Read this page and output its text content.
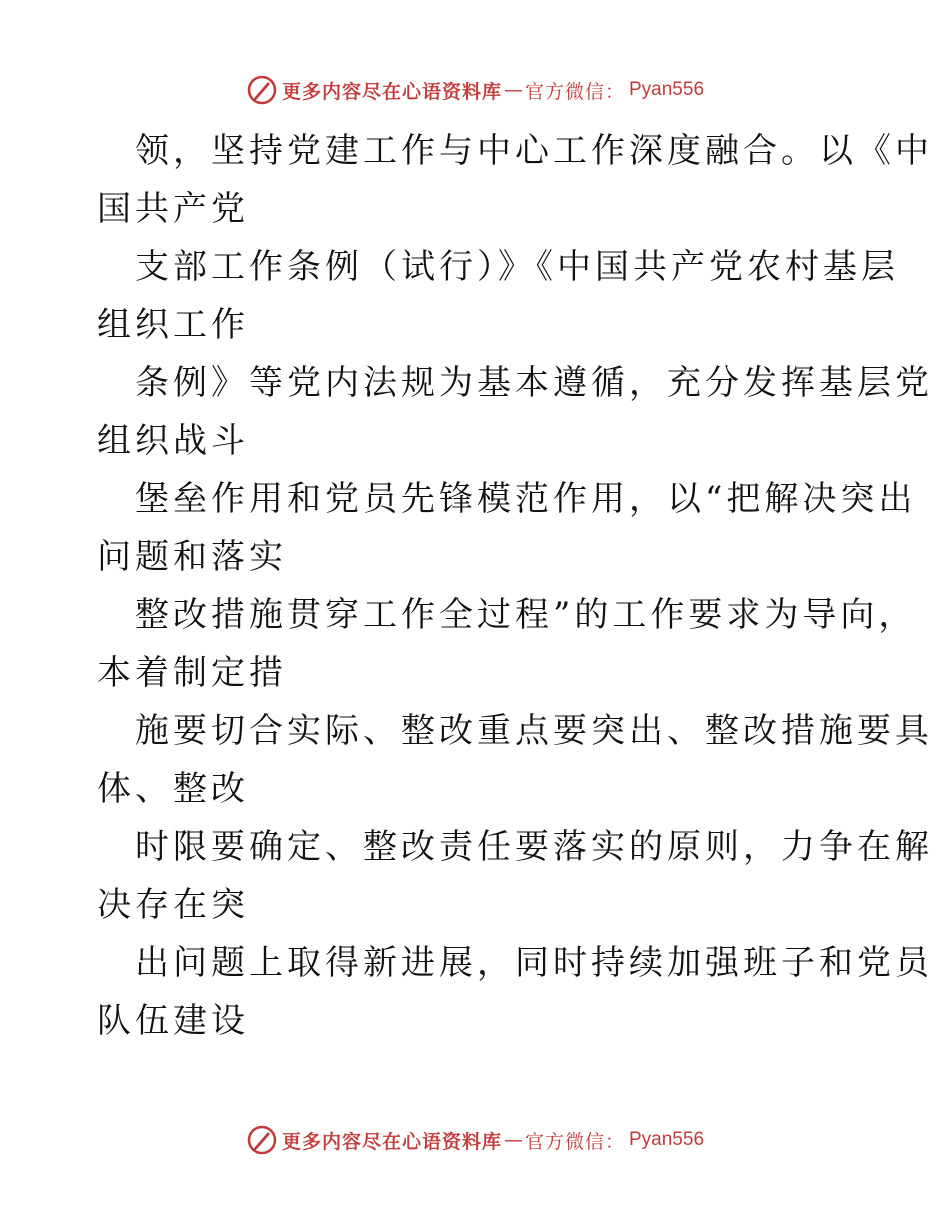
更多内容尽在心语资料库 — 官方微信： Pyan556

领，坚持党建工作与中心工作深度融合。以《中
国共产党

支部工作条例（试行）》《中国共产党农村基层
组织工作

条例》等党内法规为基本遵循，充分发挥基层党
组织战斗

堡垒作用和党员先锋模范作用，以“把解决突出
问题和落实

整改措施贯穿工作全过程”的工作要求为导向，
本着制定措

施要切合实际、整改重点要突出、整改措施要具
体、整改

时限要确定、整改责任要落实的原则，力争在解
决存在突

出问题上取得新进展，同时持续加强班子和党员
队伍建设

更多内容尽在心语资料库 — 官方微信： Pyan556
